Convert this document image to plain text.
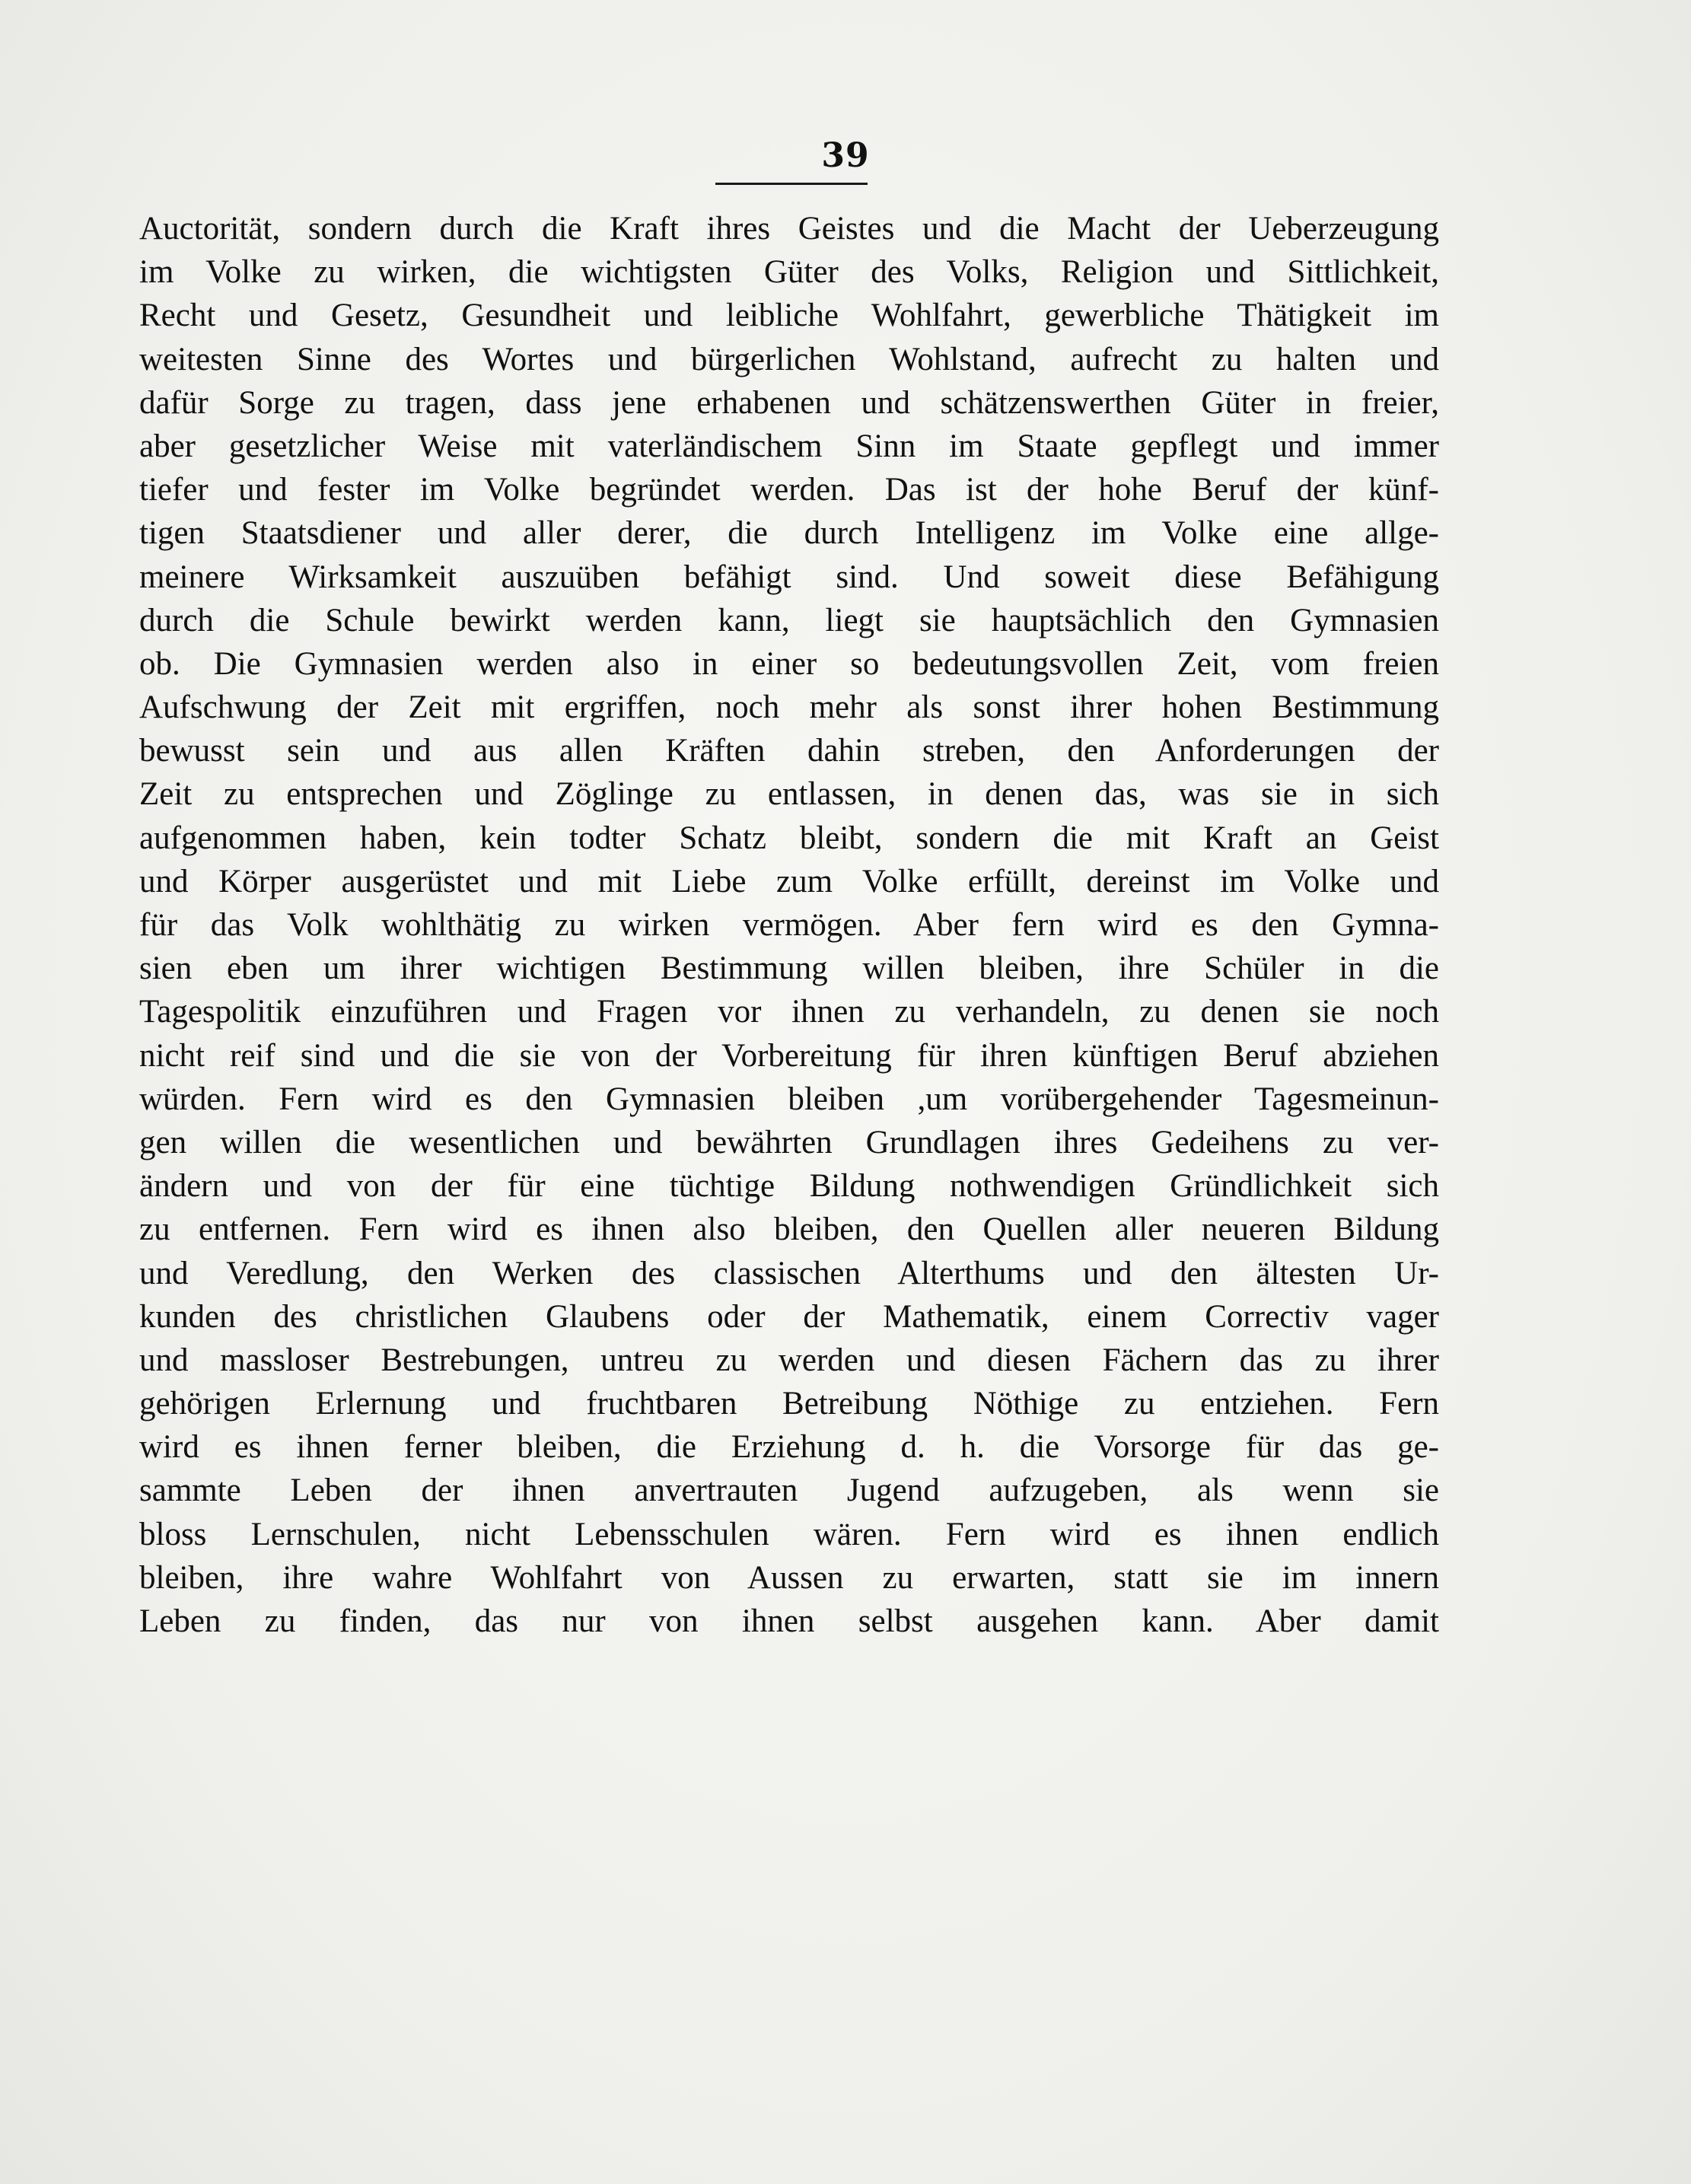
39
Auctorität, sondern durch die Kraft ihres Geistes und die Macht der Ueberzeugung
im Volke zu wirken, die wichtigsten Güter des Volks, Religion und Sittlichkeit,
Recht und Gesetz, Gesundheit und leibliche Wohlfahrt, gewerbliche Thätigkeit im
weitesten Sinne des Wortes und bürgerlichen Wohlstand, aufrecht zu halten und
dafür Sorge zu tragen, dass jene erhabenen und schätzenswerthen Güter in freier,
aber gesetzlicher Weise mit vaterländischem Sinn im Staate gepflegt und immer
tiefer und fester im Volke begründet werden. Das ist der hohe Beruf der künf-
tigen Staatsdiener und aller derer, die durch Intelligenz im Volke eine allge-
meinere Wirksamkeit auszuüben befähigt sind. Und soweit diese Befähigung
durch die Schule bewirkt werden kann, liegt sie hauptsächlich den Gymnasien
ob. Die Gymnasien werden also in einer so bedeutungsvollen Zeit, vom freien
Aufschwung der Zeit mit ergriffen, noch mehr als sonst ihrer hohen Bestimmung
bewusst sein und aus allen Kräften dahin streben, den Anforderungen der
Zeit zu entsprechen und Zöglinge zu entlassen, in denen das, was sie in sich
aufgenommen haben, kein todter Schatz bleibt, sondern die mit Kraft an Geist
und Körper ausgerüstet und mit Liebe zum Volke erfüllt, dereinst im Volke und
für das Volk wohlthätig zu wirken vermögen. Aber fern wird es den Gymna-
sien eben um ihrer wichtigen Bestimmung willen bleiben, ihre Schüler in die
Tagespolitik einzuführen und Fragen vor ihnen zu verhandeln, zu denen sie noch
nicht reif sind und die sie von der Vorbereitung für ihren künftigen Beruf abziehen
würden. Fern wird es den Gymnasien bleiben ,um vorübergehender Tagesmeinun-
gen willen die wesentlichen und bewährten Grundlagen ihres Gedeihens zu ver-
ändern und von der für eine tüchtige Bildung nothwendigen Gründlichkeit sich
zu entfernen. Fern wird es ihnen also bleiben, den Quellen aller neueren Bildung
und Veredlung, den Werken des classischen Alterthums und den ältesten Ur-
kunden des christlichen Glaubens oder der Mathematik, einem Correctiv vager
und massloser Bestrebungen, untreu zu werden und diesen Fächern das zu ihrer
gehörigen Erlernung und fruchtbaren Betreibung Nöthige zu entziehen. Fern
wird es ihnen ferner bleiben, die Erziehung d. h. die Vorsorge für das ge-
sammte Leben der ihnen anvertrauten Jugend aufzugeben, als wenn sie
bloss Lernschulen, nicht Lebensschulen wären. Fern wird es ihnen endlich
bleiben, ihre wahre Wohlfahrt von Aussen zu erwarten, statt sie im innern
Leben zu finden, das nur von ihnen selbst ausgehen kann. Aber damit
